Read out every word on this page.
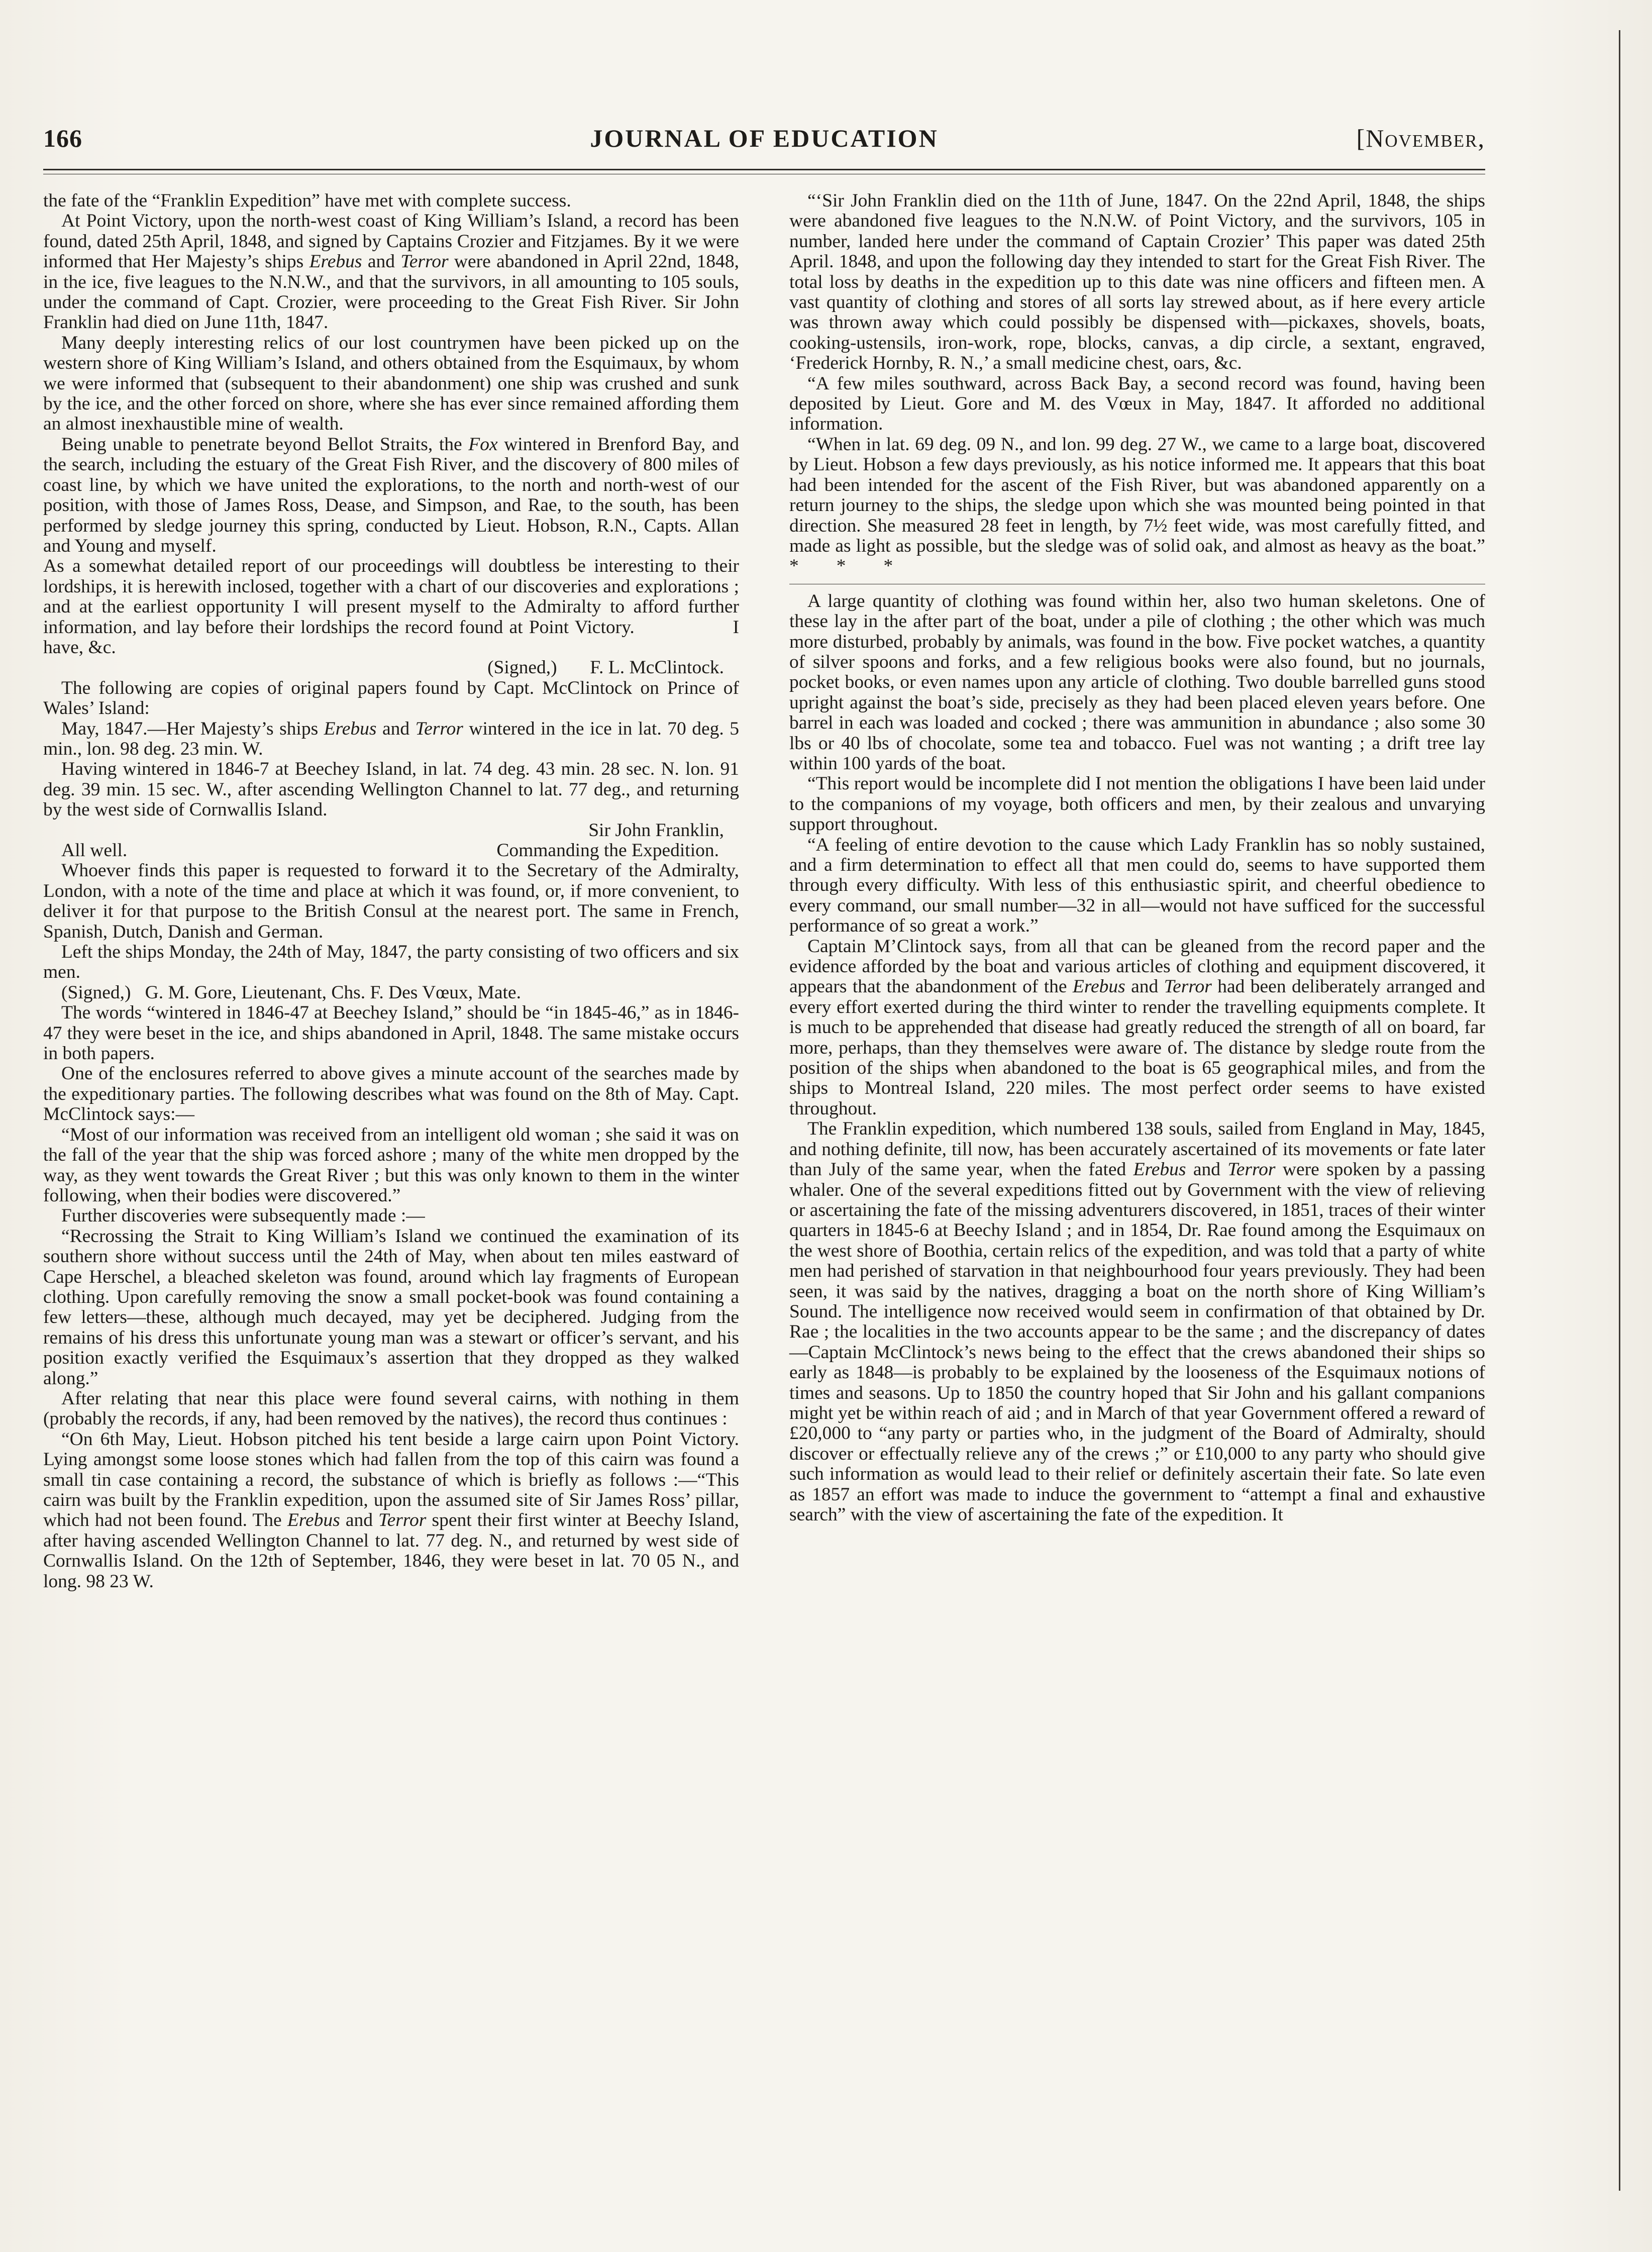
166	JOURNAL OF EDUCATION	[November,

the fate of the “Franklin Expedition” have met with complete success.

At Point Victory, upon the north-west coast of King William’s Island, a record has been found, dated 25th April, 1848, and signed by Captains Crozier and Fitzjames. By it we were informed that Her Majesty’s ships Erebus and Terror were abandoned in April 22nd, 1848, in the ice, five leagues to the N.N.W., and that the survivors, in all amounting to 105 souls, under the command of Capt. Crozier, were proceeding to the Great Fish River. Sir John Franklin had died on June 11th, 1847.

Many deeply interesting relics of our lost countrymen have been picked up on the western shore of King William’s Island, and others obtained from the Esquimaux, by whom we were informed that (subsequent to their abandonment) one ship was crushed and sunk by the ice, and the other forced on shore, where she has ever since remained affording them an almost inexhaustible mine of wealth.

Being unable to penetrate beyond Bellot Straits, the Fox wintered in Brenford Bay, and the search, including the estuary of the Great Fish River, and the discovery of 800 miles of coast line, by which we have united the explorations, to the north and north-west of our position, with those of James Ross, Dease, and Simpson, and Rae, to the south, has been performed by sledge journey this spring, conducted by Lieut. Hobson, R.N., Capts. Allan and Young and myself.

As a somewhat detailed report of our proceedings will doubtless be interesting to their lordships, it is herewith inclosed, together with a chart of our discoveries and explorations ; and at the earliest opportunity I will present myself to the Admiralty to afford further information, and lay before their lordships the record found at Point Victory.                I have, &c.

(Signed,)       F. L. McClintock.

The following are copies of original papers found by Capt. McClintock on Prince of Wales’ Island:

May, 1847.—Her Majesty’s ships Erebus and Terror wintered in the ice in lat. 70 deg. 5 min., lon. 98 deg. 23 min. W.

Having wintered in 1846-7 at Beechey Island, in lat. 74 deg. 43 min. 28 sec. N. lon. 91 deg. 39 min. 15 sec. W., after ascending Wellington Channel to lat. 77 deg., and returning by the west side of Cornwallis Island.

Sir John Franklin,

All well.	Commanding the Expedition.

Whoever finds this paper is requested to forward it to the Secretary of the Admiralty, London, with a note of the time and place at which it was found, or, if more convenient, to deliver it for that purpose to the British Consul at the nearest port. The same in French, Spanish, Dutch, Danish and German.

Left the ships Monday, the 24th of May, 1847, the party consisting of two officers and six men.

(Signed,)   G. M. Gore, Lieutenant, Chs. F. Des Vœux, Mate.

The words “wintered in 1846-47 at Beechey Island,” should be “in 1845-46,” as in 1846-47 they were beset in the ice, and ships abandoned in April, 1848. The same mistake occurs in both papers.

One of the enclosures referred to above gives a minute account of the searches made by the expeditionary parties. The following describes what was found on the 8th of May. Capt. McClintock says:—

“Most of our information was received from an intelligent old woman ; she said it was on the fall of the year that the ship was forced ashore ; many of the white men dropped by the way, as they went towards the Great River ; but this was only known to them in the winter following, when their bodies were discovered.”

Further discoveries were subsequently made :—

“Recrossing the Strait to King William’s Island we continued the examination of its southern shore without success until the 24th of May, when about ten miles eastward of Cape Herschel, a bleached skeleton was found, around which lay fragments of European clothing. Upon carefully removing the snow a small pocket-book was found containing a few letters—these, although much decayed, may yet be deciphered. Judging from the remains of his dress this unfortunate young man was a stewart or officer’s servant, and his position exactly verified the Esquimaux’s assertion that they dropped as they walked along.”

After relating that near this place were found several cairns, with nothing in them (probably the records, if any, had been removed by the natives), the record thus continues :

“On 6th May, Lieut. Hobson pitched his tent beside a large cairn upon Point Victory. Lying amongst some loose stones which had fallen from the top of this cairn was found a small tin case containing a record, the substance of which is briefly as follows :—“This cairn was built by the Franklin expedition, upon the assumed site of Sir James Ross’ pillar, which had not been found. The Erebus and Terror spent their first winter at Beechy Island, after having ascended Wellington Channel to lat. 77 deg. N., and returned by west side of Cornwallis Island. On the 12th of September, 1846, they were beset in lat. 70 05 N., and long. 98 23 W.

“‘Sir John Franklin died on the 11th of June, 1847. On the 22nd April, 1848, the ships were abandoned five leagues to the N.N.W. of Point Victory, and the survivors, 105 in number, landed here under the command of Captain Crozier’ This paper was dated 25th April. 1848, and upon the following day they intended to start for the Great Fish River. The total loss by deaths in the expedition up to this date was nine officers and fifteen men. A vast quantity of clothing and stores of all sorts lay strewed about, as if here every article was thrown away which could possibly be dispensed with—pickaxes, shovels, boats, cooking-ustensils, iron-work, rope, blocks, canvas, a dip circle, a sextant, engraved, ‘Frederick Hornby, R. N.,’ a small medicine chest, oars, &c.

“A few miles southward, across Back Bay, a second record was found, having been deposited by Lieut. Gore and M. des Vœux in May, 1847. It afforded no additional information.

“When in lat. 69 deg. 09 N., and lon. 99 deg. 27 W., we came to a large boat, discovered by Lieut. Hobson a few days previously, as his notice informed me. It appears that this boat had been intended for the ascent of the Fish River, but was abandoned apparently on a return journey to the ships, the sledge upon which she was mounted being pointed in that direction. She measured 28 feet in length, by 7½ feet wide, was most carefully fitted, and made as light as possible, but the sledge was of solid oak, and almost as heavy as the boat.”        *        *        *

A large quantity of clothing was found within her, also two human skeletons. One of these lay in the after part of the boat, under a pile of clothing ; the other which was much more disturbed, probably by animals, was found in the bow. Five pocket watches, a quantity of silver spoons and forks, and a few religious books were also found, but no journals, pocket books, or even names upon any article of clothing. Two double barrelled guns stood upright against the boat’s side, precisely as they had been placed eleven years before. One barrel in each was loaded and cocked ; there was ammunition in abundance ; also some 30 lbs or 40 lbs of chocolate, some tea and tobacco. Fuel was not wanting ; a drift tree lay within 100 yards of the boat.

“This report would be incomplete did I not mention the obligations I have been laid under to the companions of my voyage, both officers and men, by their zealous and unvarying support throughout.

“A feeling of entire devotion to the cause which Lady Franklin has so nobly sustained, and a firm determination to effect all that men could do, seems to have supported them through every difficulty. With less of this enthusiastic spirit, and cheerful obedience to every command, our small number—32 in all—would not have sufficed for the successful performance of so great a work.”

Captain M’Clintock says, from all that can be gleaned from the record paper and the evidence afforded by the boat and various articles of clothing and equipment discovered, it appears that the abandonment of the Erebus and Terror had been deliberately arranged and every effort exerted during the third winter to render the travelling equipments complete. It is much to be apprehended that disease had greatly reduced the strength of all on board, far more, perhaps, than they themselves were aware of. The distance by sledge route from the position of the ships when abandoned to the boat is 65 geographical miles, and from the ships to Montreal Island, 220 miles. The most perfect order seems to have existed throughout.

The Franklin expedition, which numbered 138 souls, sailed from England in May, 1845, and nothing definite, till now, has been accurately ascertained of its movements or fate later than July of the same year, when the fated Erebus and Terror were spoken by a passing whaler. One of the several expeditions fitted out by Government with the view of relieving or ascertaining the fate of the missing adventurers discovered, in 1851, traces of their winter quarters in 1845-6 at Beechy Island ; and in 1854, Dr. Rae found among the Esquimaux on the west shore of Boothia, certain relics of the expedition, and was told that a party of white men had perished of starvation in that neighbourhood four years previously. They had been seen, it was said by the natives, dragging a boat on the north shore of King William’s Sound. The intelligence now received would seem in confirmation of that obtained by Dr. Rae ; the localities in the two accounts appear to be the same ; and the discrepancy of dates—Captain McClintock’s news being to the effect that the crews abandoned their ships so early as 1848—is probably to be explained by the looseness of the Esquimaux notions of times and seasons. Up to 1850 the country hoped that Sir John and his gallant companions might yet be within reach of aid ; and in March of that year Government offered a reward of £20,000 to “any party or parties who, in the judgment of the Board of Admiralty, should discover or effectually relieve any of the crews ;” or £10,000 to any party who should give such information as would lead to their relief or definitely ascertain their fate. So late even as 1857 an effort was made to induce the government to “attempt a final and exhaustive search” with the view of ascertaining the fate of the expedition. It
